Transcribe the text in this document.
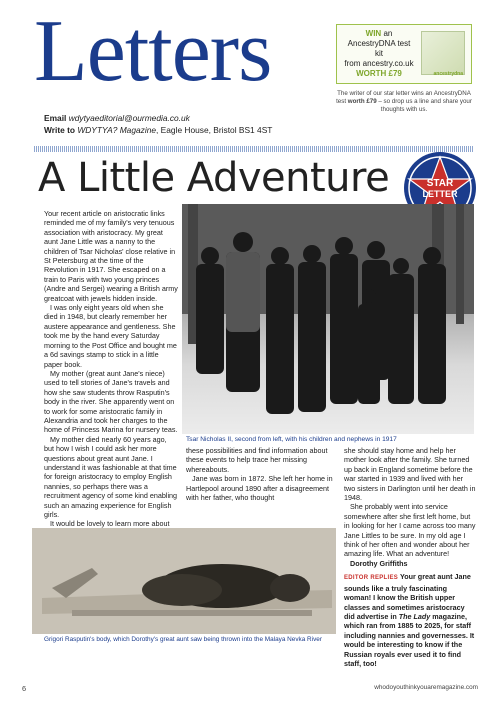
Letters
Email wdytyaeditorial@ourmedia.co.uk
Write to WDYTYA? Magazine, Eagle House, Bristol BS1 4ST
WIN an
AncestryDNA test kit
from ancestry.co.uk
WORTH £79	ancestrydna
The writer of our star letter wins an AncestryDNA test worth £79 – so drop us a line and share your thoughts with us.
A Little Adventure	STAR
LETTER

Your recent article on aristocratic links reminded me of my family's very tenuous association with aristocracy. My great aunt Jane Little was a nanny to the children of Tsar Nicholas' close relative in St Petersburg at the time of the Revolution in 1917. She escaped on a train to Paris with two young princes (Andre and Sergei) wearing a British army greatcoat with jewels hidden inside.

I was only eight years old when she died in 1948, but clearly remember her austere appearance and gentleness. She took me by the hand every Saturday morning to the Post Office and bought me a 6d savings stamp to stick in a little paper book.

My mother (great aunt Jane's niece) used to tell stories of Jane's travels and how she saw students throw Rasputin's body in the river. She apparently went on to work for some aristocratic family in Alexandria and took her charges to the home of Princess Marina for nursery teas.

My mother died nearly 60 years ago, but how I wish I could ask her more questions about great aunt Jane. I understand it was fashionable at that time for foreign aristocracy to employ English nannies, so perhaps there was a recruitment agency of some kind enabling such an amazing experience for English girls.

It would be lovely to learn more about

Tsar Nicholas II, second from left, with his children and nephews in 1917

these possibilities and find information about these events to help trace her missing whereabouts.

Jane was born in 1872. She left her home in Hartlepool around 1890 after a disagreement with her father, who thought

she should stay home and help her mother look after the family. She turned up back in England sometime before the war started in 1939 and lived with her two sisters in Darlington until her death in 1948.

She probably went into service somewhere after she first left home, but in looking for her I came across too many Jane Littles to be sure. In my old age I think of her often and wonder about her amazing life. What an adventure!

Dorothy Griffiths

EDITOR REPLIES Your great aunt Jane sounds like a truly fascinating woman! I know the British upper classes and sometimes aristocracy did advertise in The Lady magazine, which ran from 1885 to 2025, for staff including nannies and governesses. It would be interesting to know if the Russian royals ever used it to find staff, too!

Grigori Rasputin's body, which Dorothy's great aunt saw being thrown into the Malaya Nevka River
6	whodoyouthinkyouaremagazine.com
